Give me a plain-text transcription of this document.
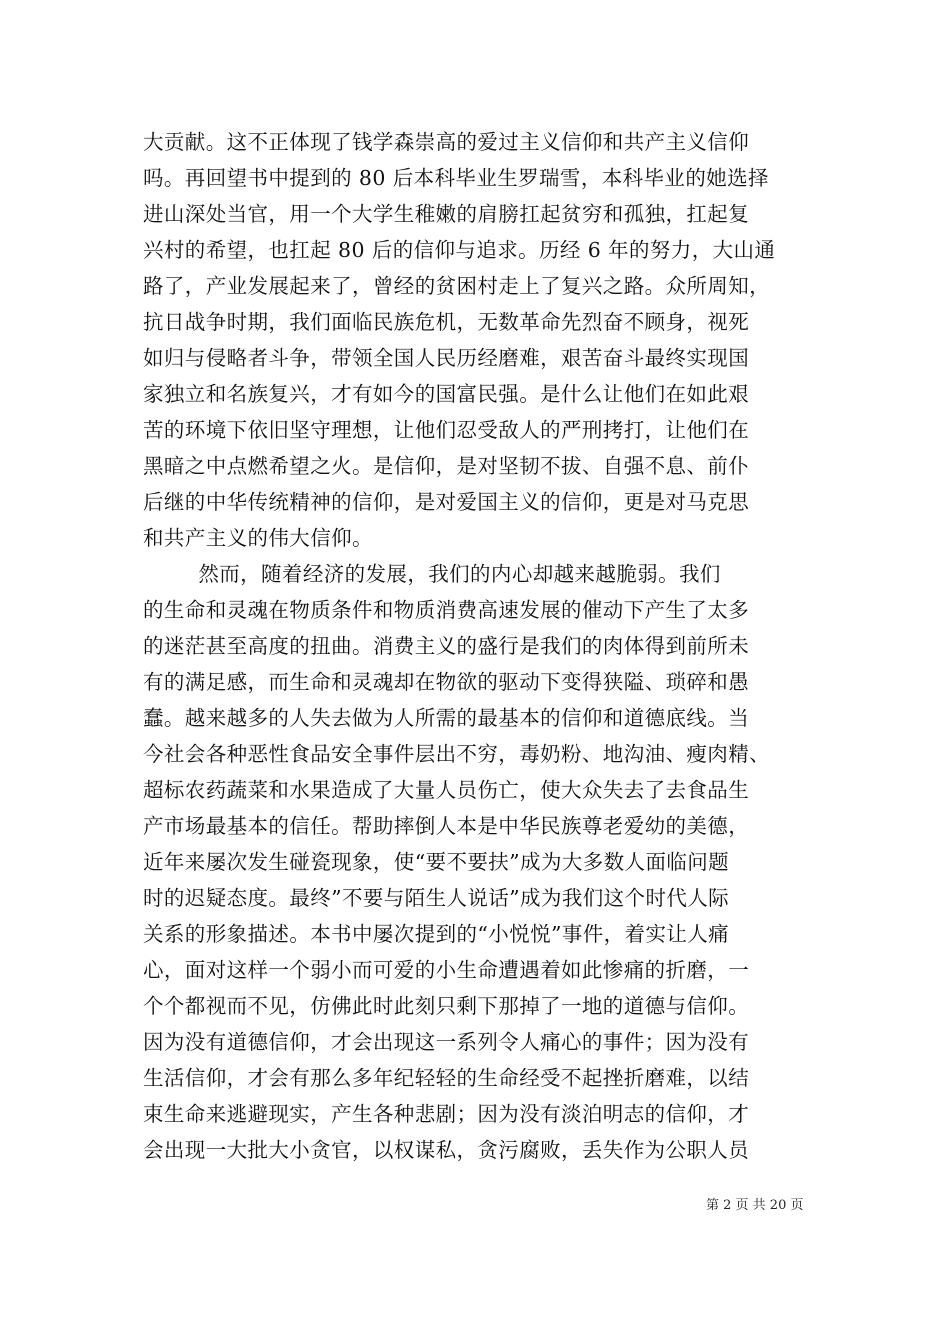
大贡献。这不正体现了钱学森崇高的爱过主义信仰和共产主义信仰
吗。再回望书中提到的 80 后本科毕业生罗瑞雪，本科毕业的她选择
进山深处当官，用一个大学生稚嫩的肩膀扛起贫穷和孤独，扛起复
兴村的希望，也扛起 80 后的信仰与追求。历经 6 年的努力，大山通
路了，产业发展起来了，曾经的贫困村走上了复兴之路。众所周知，
抗日战争时期，我们面临民族危机，无数革命先烈奋不顾身，视死
如归与侵略者斗争，带领全国人民历经磨难，艰苦奋斗最终实现国
家独立和名族复兴，才有如今的国富民强。是什么让他们在如此艰
苦的环境下依旧坚守理想，让他们忍受敌人的严刑拷打，让他们在
黑暗之中点燃希望之火。是信仰，是对坚韧不拔、自强不息、前仆
后继的中华传统精神的信仰，是对爱国主义的信仰，更是对马克思
和共产主义的伟大信仰。
然而，随着经济的发展，我们的内心却越来越脆弱。我们
的生命和灵魂在物质条件和物质消费高速发展的催动下产生了太多
的迷茫甚至高度的扭曲。消费主义的盛行是我们的肉体得到前所未
有的满足感，而生命和灵魂却在物欲的驱动下变得狭隘、琐碎和愚
蠢。越来越多的人失去做为人所需的最基本的信仰和道德底线。当
今社会各种恶性食品安全事件层出不穷，毒奶粉、地沟油、瘦肉精、
超标农药蔬菜和水果造成了大量人员伤亡，使大众失去了去食品生
产市场最基本的信任。帮助摔倒人本是中华民族尊老爱幼的美德，
近年来屡次发生碰瓷现象，使“要不要扶”成为大多数人面临问题
时的迟疑态度。最终”不要与陌生人说话”成为我们这个时代人际
关系的形象描述。本书中屡次提到的“小悦悦”事件，着实让人痛
心，面对这样一个弱小而可爱的小生命遭遇着如此惨痛的折磨，一
个个都视而不见，仿佛此时此刻只剩下那掉了一地的道德与信仰。
因为没有道德信仰，才会出现这一系列令人痛心的事件；因为没有
生活信仰，才会有那么多年纪轻轻的生命经受不起挫折磨难，以结
束生命来逃避现实，产生各种悲剧；因为没有淡泊明志的信仰，才
会出现一大批大小贪官，以权谋私，贪污腐败，丢失作为公职人员
第 2 页 共 20 页
